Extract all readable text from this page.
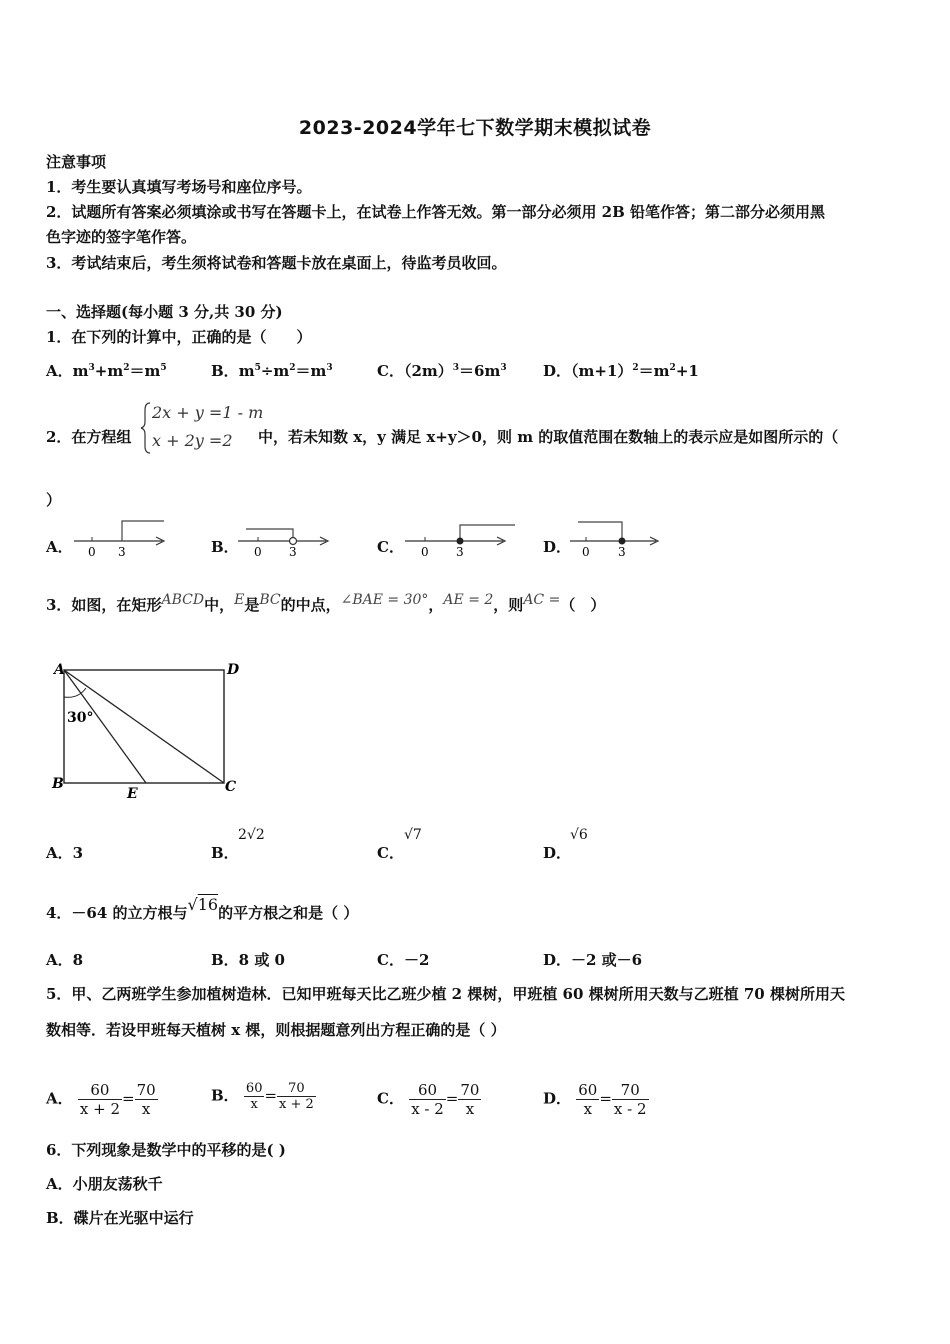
2023-2024学年七下数学期末模拟试卷
注意事项
1．考生要认真填写考场号和座位序号。
2．试题所有答案必须填涂或书写在答题卡上，在试卷上作答无效。第一部分必须用 2B 铅笔作答；第二部分必须用黑
色字迹的签字笔作答。
3．考试结束后，考生须将试卷和答题卡放在桌面上，待监考员收回。
一、选择题(每小题 3 分,共 30 分)
1．在下列的计算中，正确的是（　　）
A．$m^3+m^2=m^5$	B．$m^5\div m^2=m^3$	C．$(2m)^3=6m^3$ D．$(m+1)^2=m^2+1$
2．在方程组
2x + y =1 - m
x + 2y =2 中，若未知数 x，y 满足 x+y＞0，则 m 的取值范围在数轴上的表示应是如图所示的（
）
A． 0 3	B． 0 3	C． 0 3	D． 0 3
3．如图，在矩形ABCD中，E是BC的中点，∠BAE = 30°，AE = 2，则AC =（　）
A	D
B	C
E
30°
A．3	B．
2√2
C．
√7
D．
√6
4．－64 的立方根与√16的平方根之和是（ ）
A．8	B．8 或 0	C．－2	D．－2 或－6
5．甲、乙两班学生参加植树造林．已知甲班每天比乙班少植 2 棵树，甲班植 60 棵树所用天数与乙班植 70 棵树所用天
数相等．若设甲班每天植树 x 棵，则根据题意列出方程正确的是（ ）
A． $\frac{60}{x + 2} = \frac{70}{x}$	B． $\frac{60}{x} = \frac{70}{x + 2}$	C． $\frac{60}{x - 2} = \frac{70}{x}$	D． $\frac{60}{x} = \frac{70}{x - 2}$
6．下列现象是数学中的平移的是( )
A．小朋友荡秋千
B．碟片在光驱中运行
